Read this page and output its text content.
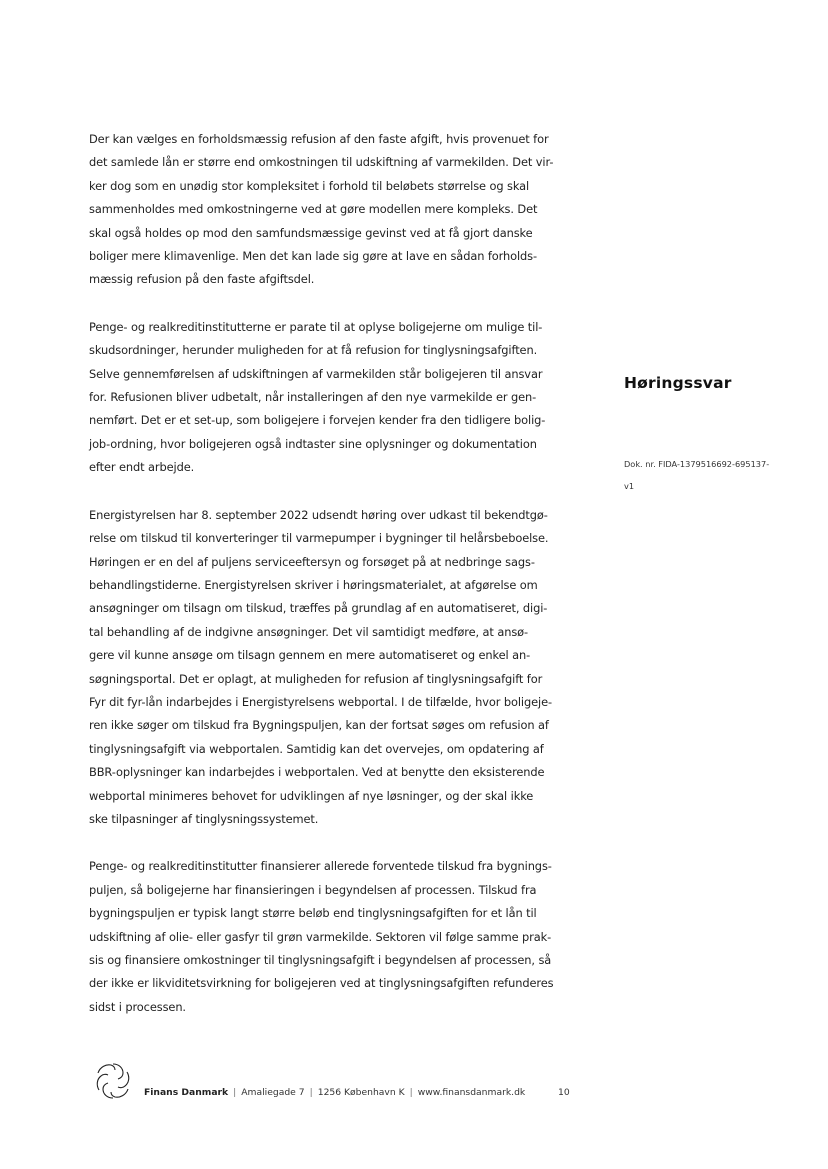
Der kan vælges en forholdsmæssig refusion af den faste afgift, hvis provenuet for
det samlede lån er større end omkostningen til udskiftning af varmekilden. Det vir-
ker dog som en unødig stor kompleksitet i forhold til beløbets størrelse og skal
sammenholdes med omkostningerne ved at gøre modellen mere kompleks. Det
skal også holdes op mod den samfundsmæssige gevinst ved at få gjort danske
boliger mere klimavenlige. Men det kan lade sig gøre at lave en sådan forholds-
mæssig refusion på den faste afgiftsdel.

Penge- og realkreditinstitutterne er parate til at oplyse boligejerne om mulige til-
skudsordninger, herunder muligheden for at få refusion for tinglysningsafgiften.
Selve gennemførelsen af udskiftningen af varmekilden står boligejeren til ansvar
for. Refusionen bliver udbetalt, når installeringen af den nye varmekilde er gen-
nemført. Det er et set-up, som boligejere i forvejen kender fra den tidligere bolig-
job-ordning, hvor boligejeren også indtaster sine oplysninger og dokumentation
efter endt arbejde.

Energistyrelsen har 8. september 2022 udsendt høring over udkast til bekendtgø-
relse om tilskud til konverteringer til varmepumper i bygninger til helårsbeboelse.
Høringen er en del af puljens serviceeftersyn og forsøget på at nedbringe sags-
behandlingstiderne. Energistyrelsen skriver i høringsmaterialet, at afgørelse om
ansøgninger om tilsagn om tilskud, træffes på grundlag af en automatiseret, digi-
tal behandling af de indgivne ansøgninger. Det vil samtidigt medføre, at ansø-
gere vil kunne ansøge om tilsagn gennem en mere automatiseret og enkel an-
søgningsportal. Det er oplagt, at muligheden for refusion af tinglysningsafgift for
Fyr dit fyr-lån indarbejdes i Energistyrelsens webportal. I de tilfælde, hvor boligeje-
ren ikke søger om tilskud fra Bygningspuljen, kan der fortsat søges om refusion af
tinglysningsafgift via webportalen. Samtidig kan det overvejes, om opdatering af
BBR-oplysninger kan indarbejdes i webportalen. Ved at benytte den eksisterende
webportal minimeres behovet for udviklingen af nye løsninger, og der skal ikke
ske tilpasninger af tinglysningssystemet.

Penge- og realkreditinstitutter finansierer allerede forventede tilskud fra bygnings-
puljen, så boligejerne har finansieringen i begyndelsen af processen. Tilskud fra
bygningspuljen er typisk langt større beløb end tinglysningsafgiften for et lån til
udskiftning af olie- eller gasfyr til grøn varmekilde. Sektoren vil følge samme prak-
sis og finansiere omkostninger til tinglysningsafgift i begyndelsen af processen, så
der ikke er likviditetsvirkning for boligejeren ved at tinglysningsafgiften refunderes
sidst i processen.

Høringssvar
Dok. nr. FIDA-1379516692-695137-
v1
Finans Danmark | Amaliegade 7 | 1256 København K | www.finansdanmark.dk	10
